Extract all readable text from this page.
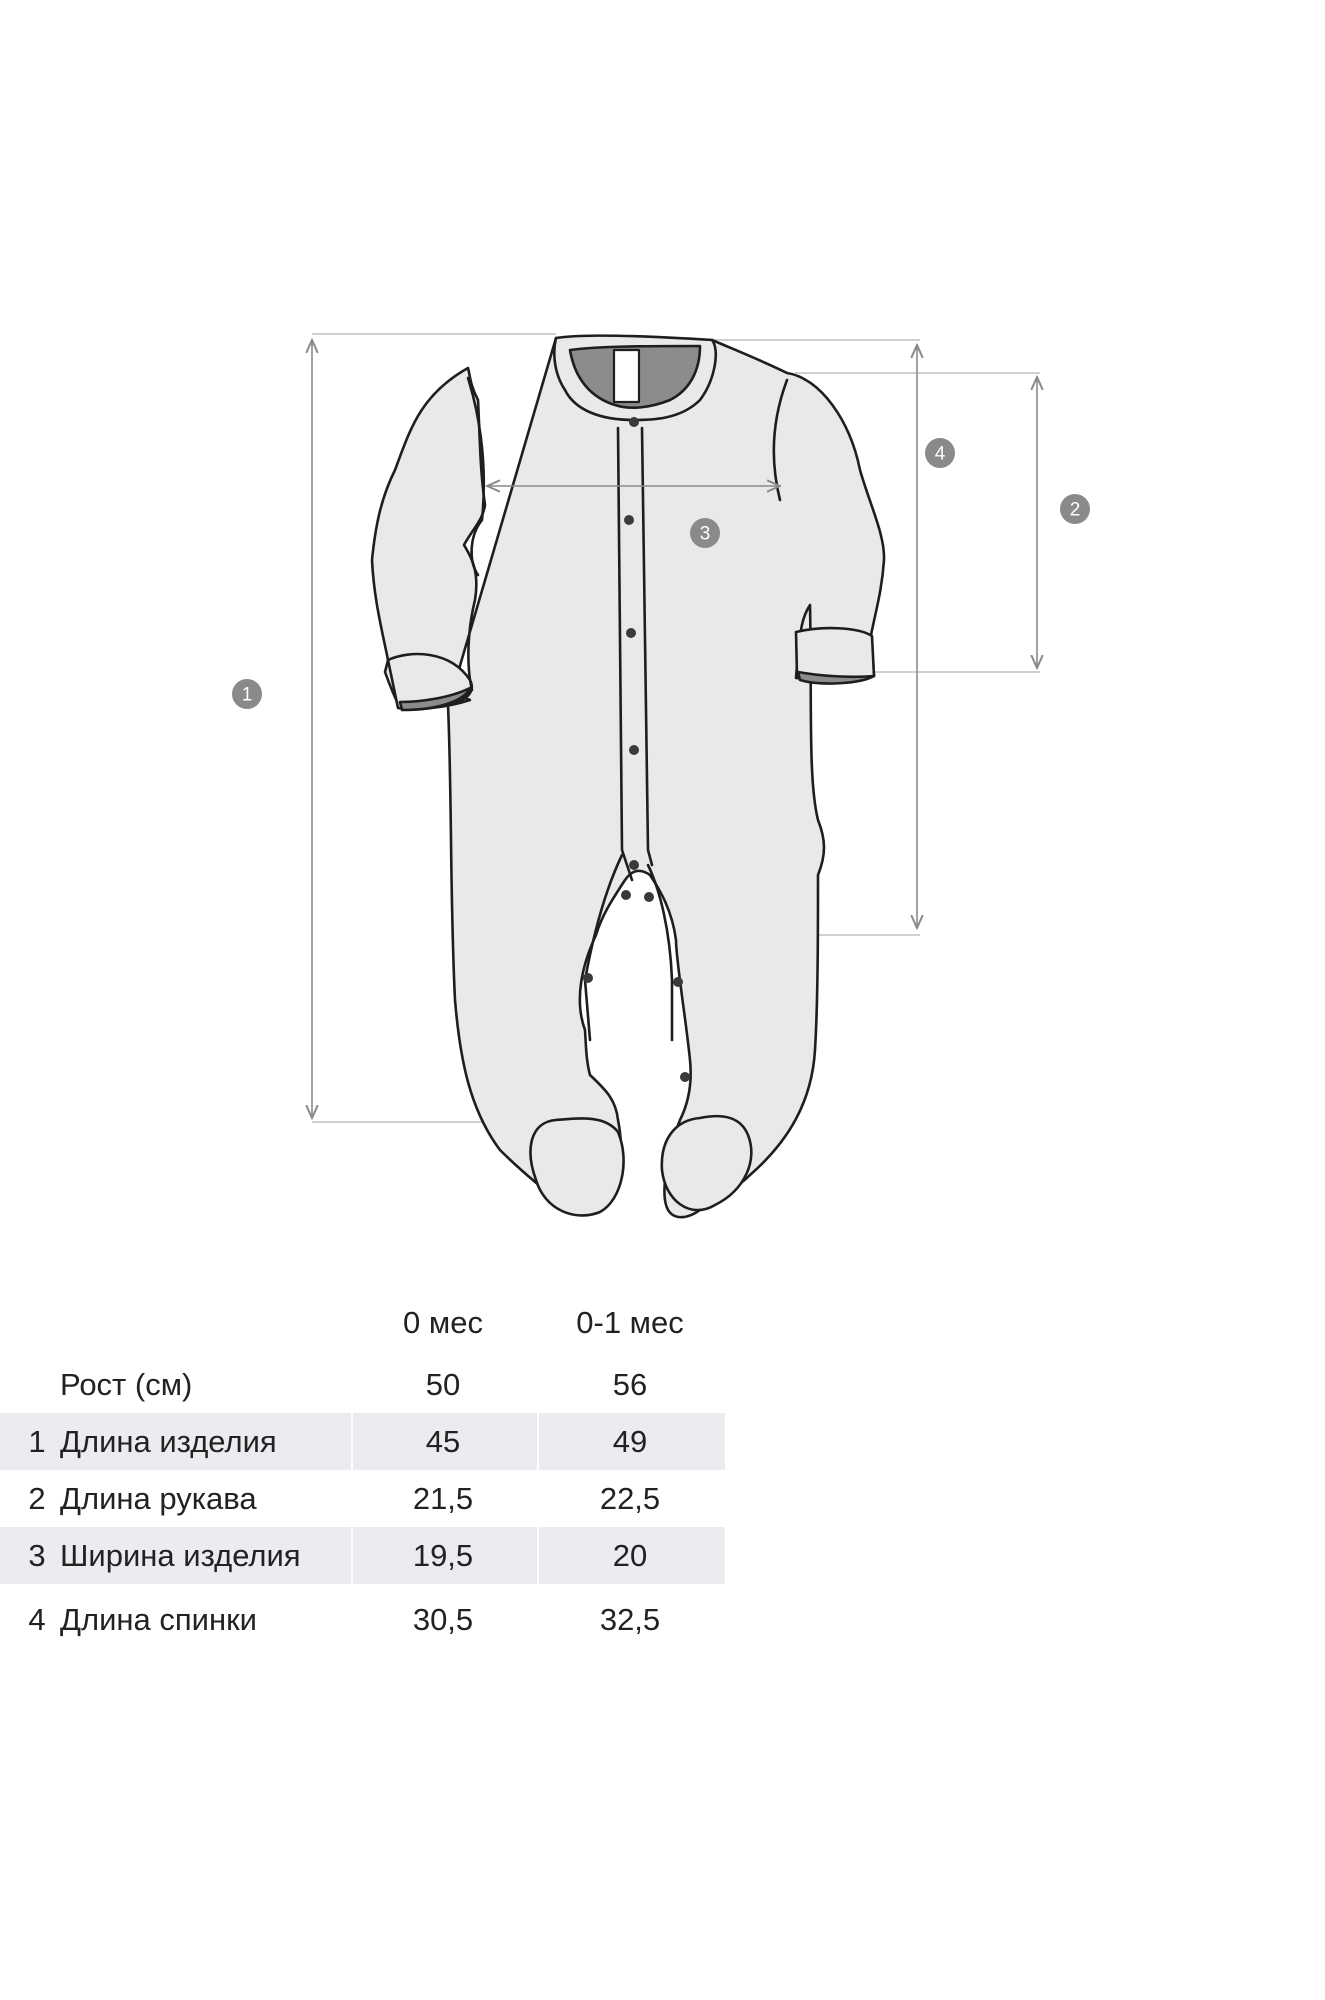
1
4
2
3
0 мес	0-1 мес
Рост (см)	50	56
1 Длина изделия	45	49
2 Длина рукава	21,5	22,5
3 Ширина изделия	19,5	20
4 Длина спинки	30,5	32,5
